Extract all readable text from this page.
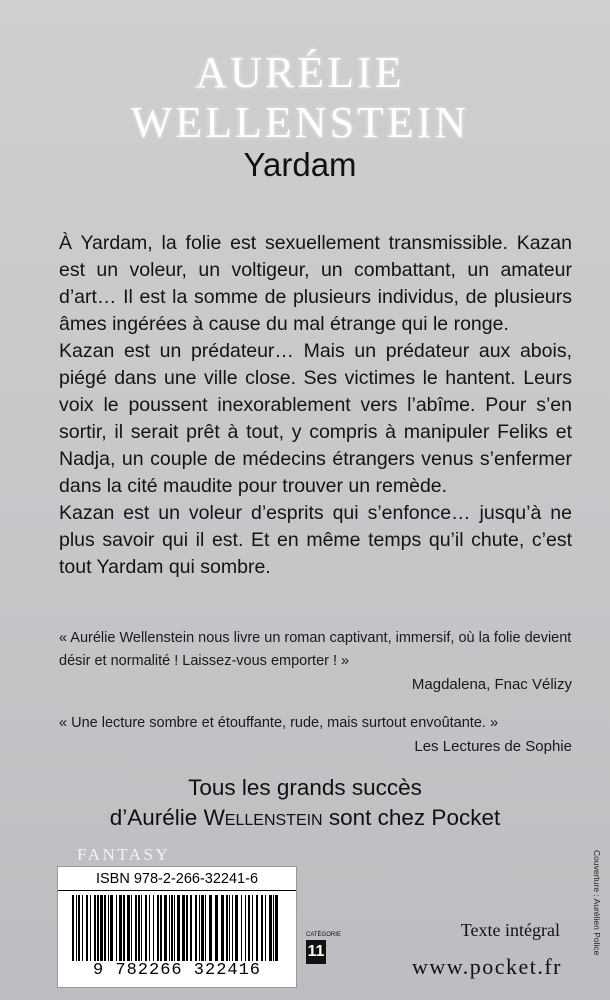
AURÉLIE
WELLENSTEIN
Yardam

À Yardam, la folie est sexuellement transmissible. Kazan est un voleur, un voltigeur, un combattant, un amateur d’art… Il est la somme de plusieurs individus, de plusieurs âmes ingérées à cause du mal étrange qui le ronge.

Kazan est un prédateur… Mais un prédateur aux abois, piégé dans une ville close. Ses victimes le hantent. Leurs voix le poussent inexorablement vers l’abîme. Pour s’en sortir, il serait prêt à tout, y compris à manipuler Feliks et Nadja, un couple de médecins étrangers venus s’enfermer dans la cité maudite pour trouver un remède.

Kazan est un voleur d’esprits qui s’enfonce… jusqu’à ne plus savoir qui il est. Et en même temps qu’il chute, c’est tout Yardam qui sombre.

« Aurélie Wellenstein nous livre un roman captivant, immersif, où la folie devient désir et normalité ! Laissez-vous emporter ! »
Magdalena, Fnac Vélizy
« Une lecture sombre et étouffante, rude, mais surtout envoûtante. »
Les Lectures de Sophie
Tous les grands succès
d’Aurélie Wellenstein sont chez Pocket
FANTASY
ISBN 978-2-266-32241-6
9 782266 322416
CATÉGORIE
11
Texte intégral
www.pocket.fr
Couverture : Aurélien Police
